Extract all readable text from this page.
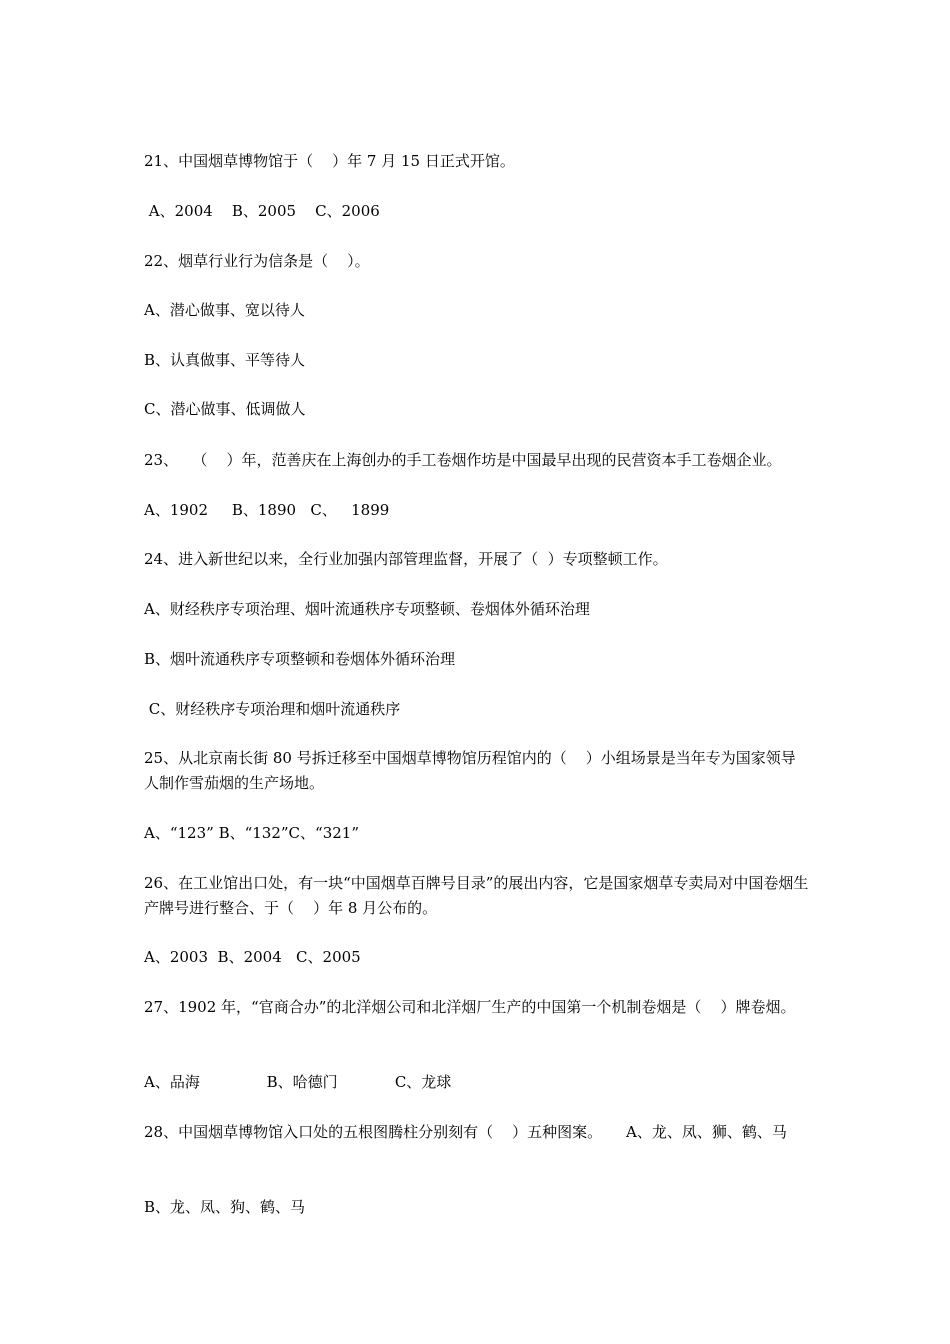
21、中国烟草博物馆于（    ）年 7 月 15 日正式开馆。
A、2004    B、2005    C、2006
22、烟草行业行为信条是（    ）。
A、潜心做事、宽以待人
B、认真做事、平等待人
C、潜心做事、低调做人
23、   （    ）年，范善庆在上海创办的手工卷烟作坊是中国最早出现的民营资本手工卷烟企业。
A、1902     B、1890   C、   1899
24、进入新世纪以来，全行业加强内部管理监督，开展了（  ）专项整顿工作。
A、财经秩序专项治理、烟叶流通秩序专项整顿、卷烟体外循环治理
B、烟叶流通秩序专项整顿和卷烟体外循环治理
C、财经秩序专项治理和烟叶流通秩序
25、从北京南长街 80 号拆迁移至中国烟草博物馆历程馆内的（    ）小组场景是当年专为国家领导人制作雪茄烟的生产场地。
A、“123” B、“132”C、“321”
26、在工业馆出口处，有一块“中国烟草百牌号目录”的展出内容，它是国家烟草专卖局对中国卷烟生产牌号进行整合、于（    ）年 8 月公布的。
A、2003  B、2004   C、2005
27、1902 年，“官商合办”的北洋烟公司和北洋烟厂生产的中国第一个机制卷烟是（    ）牌卷烟。
A、品海              B、哈德门            C、龙球
28、中国烟草博物馆入口处的五根图腾柱分别刻有（    ）五种图案。     A、龙、凤、狮、鹤、马
B、龙、凤、狗、鹤、马
